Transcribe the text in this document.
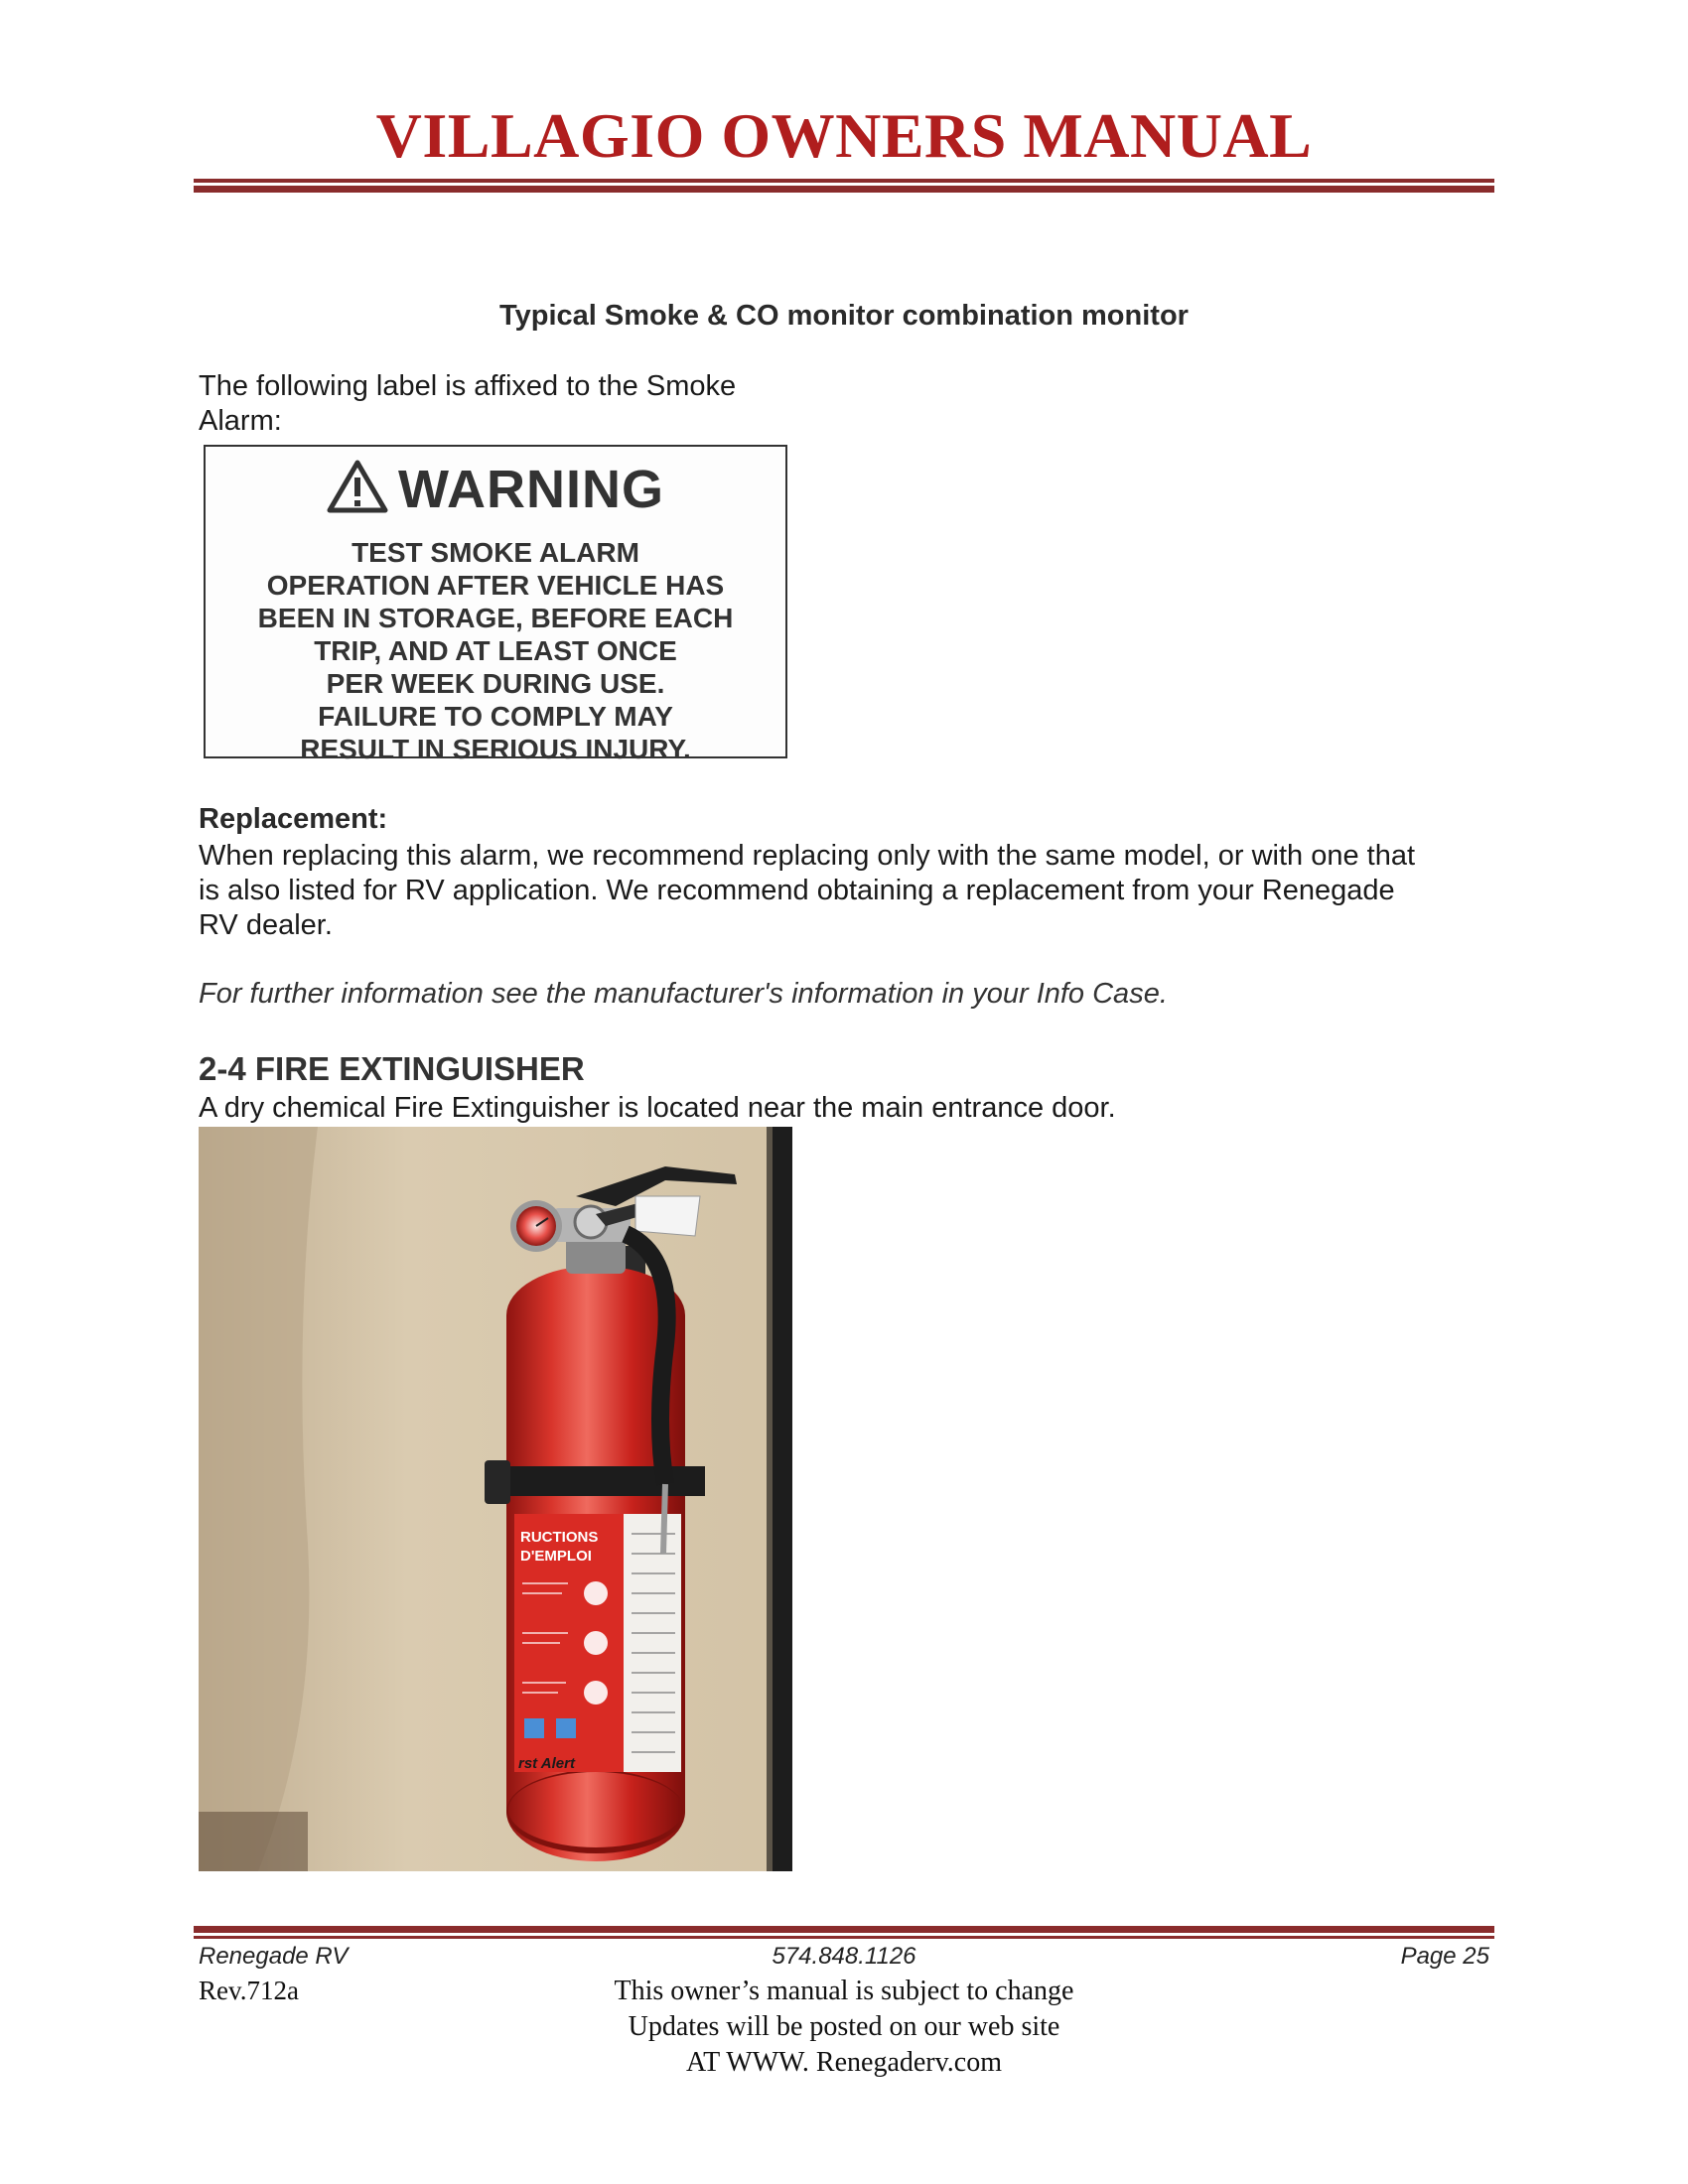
VILLAGIO OWNERS MANUAL
Typical Smoke & CO monitor combination monitor
The following label is affixed to the Smoke
Alarm:
WARNING
TEST SMOKE ALARM
OPERATION AFTER VEHICLE HAS
BEEN IN STORAGE, BEFORE EACH
TRIP, AND AT LEAST ONCE
PER WEEK DURING USE.
FAILURE TO COMPLY MAY
RESULT IN SERIOUS INJURY.
Replacement:
When replacing this alarm, we recommend replacing only with the same model, or with one that
is also listed for RV application. We recommend obtaining a replacement from your Renegade
RV dealer.
For further information see the manufacturer's information in your Info Case.
2-4 FIRE EXTINGUISHER
A dry chemical Fire Extinguisher is located near the main entrance door.
RUCTIONS
D'EMPLOI
rst Alert
Renegade RV	574.848.1126	Page 25
Rev.712a	This owner’s manual is subject to change
Updates will be posted on our web site
AT WWW. Renegaderv.com
